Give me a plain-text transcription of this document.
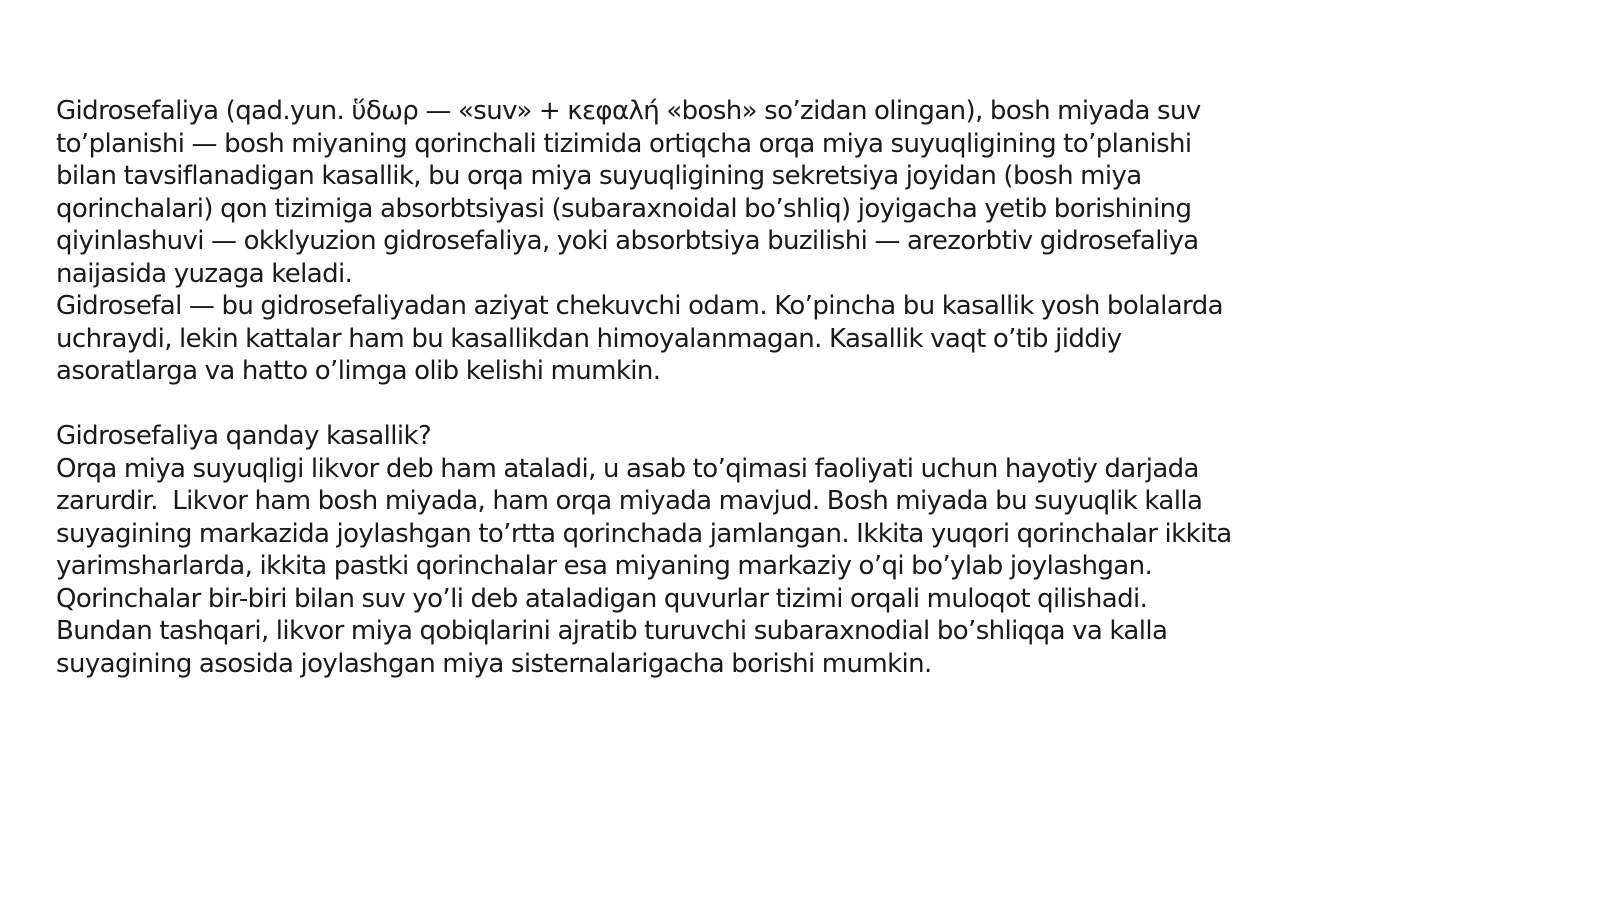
Gidrosefaliya (qad.yun. ὕδωρ — «suv» + κεφαλή «bosh» so’zidan olingan), bosh miyada suv
to’planishi — bosh miyaning qorinchali tizimida ortiqcha orqa miya suyuqligining to’planishi
bilan tavsiflanadigan kasallik, bu orqa miya suyuqligining sekretsiya joyidan (bosh miya
qorinchalari) qon tizimiga absorbtsiyasi (subaraxnoidal bo’shliq) joyigacha yetib borishining
qiyinlashuvi — okklyuzion gidrosefaliya, yoki absorbtsiya buzilishi — arezorbtiv gidrosefaliya
naijasida yuzaga keladi.
Gidrosefal — bu gidrosefaliyadan aziyat chekuvchi odam. Ko’pincha bu kasallik yosh bolalarda
uchraydi, lekin kattalar ham bu kasallikdan himoyalanmagan. Kasallik vaqt o’tib jiddiy
asoratlarga va hatto o’limga olib kelishi mumkin.
Gidrosefaliya qanday kasallik?
Orqa miya suyuqligi likvor deb ham ataladi, u asab to’qimasi faoliyati uchun hayotiy darjada
zarurdir.  Likvor ham bosh miyada, ham orqa miyada mavjud. Bosh miyada bu suyuqlik kalla
suyagining markazida joylashgan to’rtta qorinchada jamlangan. Ikkita yuqori qorinchalar ikkita
yarimsharlarda, ikkita pastki qorinchalar esa miyaning markaziy o’qi bo’ylab joylashgan.
Qorinchalar bir-biri bilan suv yo’li deb ataladigan quvurlar tizimi orqali muloqot qilishadi.
Bundan tashqari, likvor miya qobiqlarini ajratib turuvchi subaraxnodial bo’shliqqa va kalla
suyagining asosida joylashgan miya sisternalarigacha borishi mumkin.
